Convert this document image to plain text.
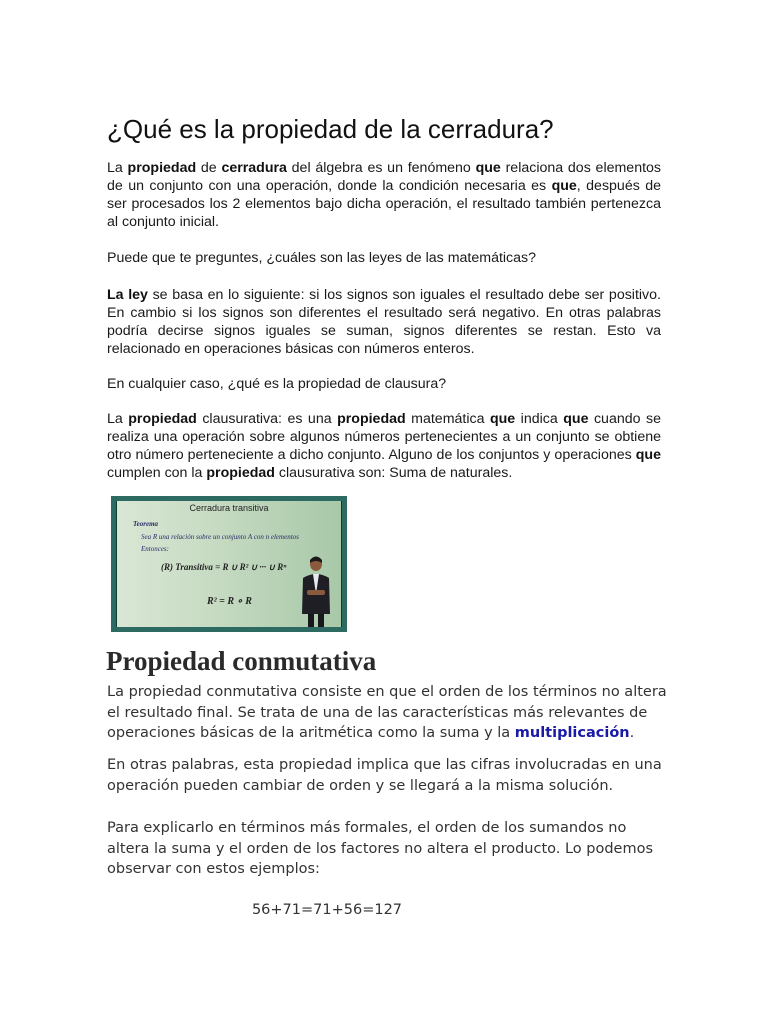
¿Qué es la propiedad de la cerradura?

La propiedad de cerradura del álgebra es un fenómeno que relaciona dos elementos de un conjunto con una operación, donde la condición necesaria es que, después de ser procesados los 2 elementos bajo dicha operación, el resultado también pertenezca al conjunto inicial.

Puede que te preguntes, ¿cuáles son las leyes de las matemáticas?

La ley se basa en lo siguiente: si los signos son iguales el resultado debe ser positivo. En cambio si los signos son diferentes el resultado será negativo. En otras palabras podría decirse signos iguales se suman, signos diferentes se restan. Esto va relacionado en operaciones básicas con números enteros.

En cualquier caso, ¿qué es la propiedad de clausura?

La propiedad clausurativa: es una propiedad matemática que indica que cuando se realiza una operación sobre algunos números pertenecientes a un conjunto se obtiene otro número perteneciente a dicho conjunto. Alguno de los conjuntos y operaciones que cumplen con la propiedad clausurativa son: Suma de naturales.

Cerradura transitiva
Teorema
Sea R una relación sobre un conjunto A con n elementos
Entonces:
(R) Transitiva = R ∪ R² ∪ ··· ∪ Rⁿ
R² = R ∘ R
Propiedad conmutativa

La propiedad conmutativa consiste en que el orden de los términos no altera el resultado final. Se trata de una de las características más relevantes de operaciones básicas de la aritmética como la suma y la multiplicación.

En otras palabras, esta propiedad implica que las cifras involucradas en una operación pueden cambiar de orden y se llegará a la misma solución.

Para explicarlo en términos más formales, el orden de los sumandos no altera la suma y el orden de los factores no altera el producto. Lo podemos observar con estos ejemplos:

56+71=71+56=127
